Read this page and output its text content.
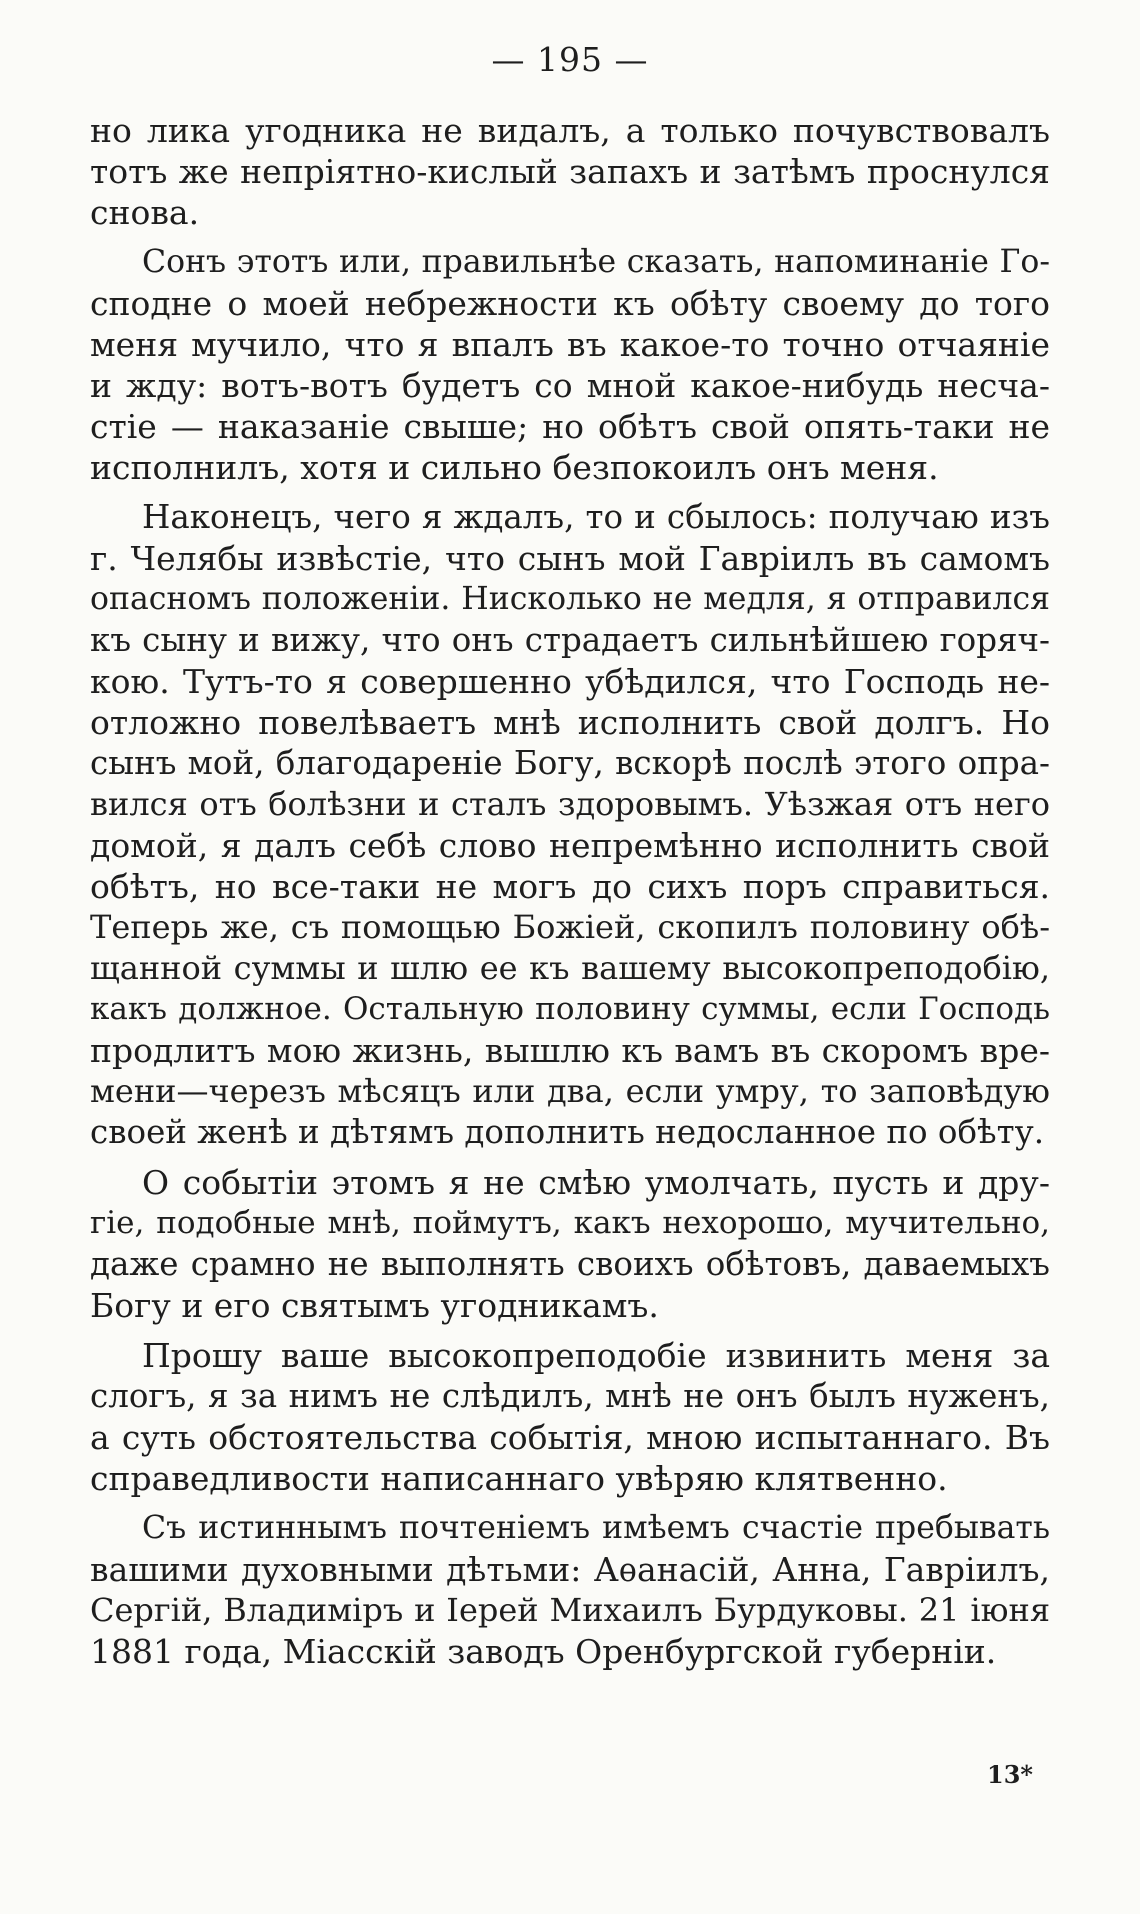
— 195 —
но лика угодника не видалъ, а только почувствовалъ
тотъ же непрiятно-кислый запахъ и затѣмъ проснулся
снова.
Сонъ этотъ или, правильнѣе сказать, напоминанiе Го-
сподне о моей небрежности къ обѣту своему до того
меня мучило, что я впалъ въ какое-то точно отчаянiе
и жду: вотъ-вотъ будетъ со мной какое-нибудь несча-
стiе — наказанiе свыше; но обѣтъ свой опять-таки не
исполнилъ, хотя и сильно безпокоилъ онъ меня.
Наконецъ, чего я ждалъ, то и сбылось: получаю изъ
г. Челябы извѣстiе, что сынъ мой Гаврiилъ въ самомъ
опасномъ положенiи. Нисколько не медля, я отправился
къ сыну и вижу, что онъ страдаетъ сильнѣйшею горяч-
кою. Тутъ-то я совершенно убѣдился, что Господь не-
отложно повелѣваетъ мнѣ исполнить свой долгъ. Но
сынъ мой, благодаренiе Богу, вскорѣ послѣ этого опра-
вился отъ болѣзни и сталъ здоровымъ. Уѣзжая отъ него
домой, я далъ себѣ слово непремѣнно исполнить свой
обѣтъ, но все-таки не могъ до сихъ поръ справиться.
Теперь же, съ помощью Божiей, скопилъ половину обѣ-
щанной суммы и шлю ее къ вашему высокопреподобiю,
какъ должное. Остальную половину суммы, если Господь
продлитъ мою жизнь, вышлю къ вамъ въ скоромъ вре-
мени—черезъ мѣсяцъ или два, если умру, то заповѣдую
своей женѣ и дѣтямъ дополнить недосланное по обѣту.
О событiи этомъ я не смѣю умолчать, пусть и дру-
гiе, подобные мнѣ, поймутъ, какъ нехорошо, мучительно,
даже срамно не выполнять своихъ обѣтовъ, даваемыхъ
Богу и его святымъ угодникамъ.
Прошу ваше высокопреподобiе извинить меня за
слогъ, я за нимъ не слѣдилъ, мнѣ не онъ былъ нуженъ,
а суть обстоятельства событiя, мною испытаннаго. Въ
справедливости написаннаго увѣряю клятвенно.
Съ истиннымъ почтенiемъ имѣемъ счастiе пребывать
вашими духовными дѣтьми: Аѳанасiй, Анна, Гаврiилъ,
Сергiй, Владимiръ и Iерей Михаилъ Бурдуковы. 21 iюня
1881 года, Мiасскiй заводъ Оренбургской губернiи.
13*
